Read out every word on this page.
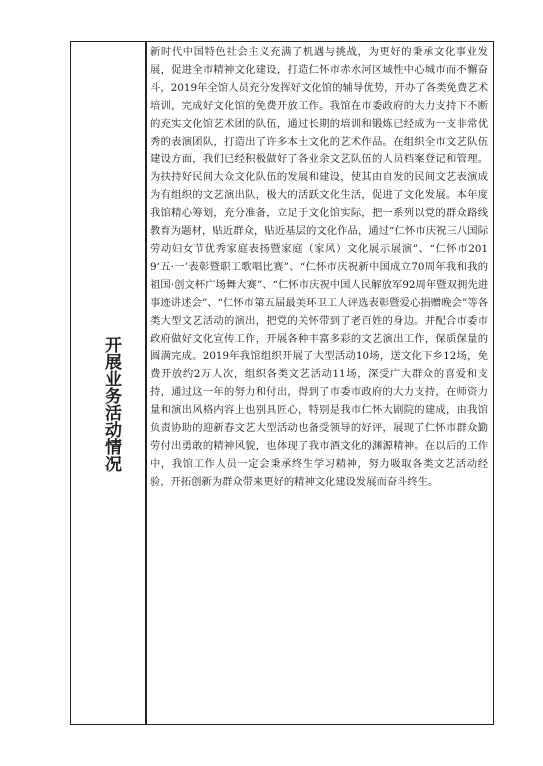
开展业务活动情况

新时代中国特色社会主义充满了机遇与挑战，为更好的秉承文化事业发展，促进全市精神文化建设，打造仁怀市赤水河区域性中心城市而不懈奋斗，2019年全馆人员充分发挥好文化馆的辅导优势，开办了各类免费艺术培训，完成好文化馆的免费开放工作。我馆在市委政府的大力支持下不断的充实文化馆艺术团的队伍，通过长期的培训和锻炼已经成为一支非常优秀的表演团队，打造出了许多本土文化的艺术作品。在组织全市文艺队伍建设方面，我们已经积极做好了各业余文艺队伍的人员档案登记和管理。为扶持好民间大众文化队伍的发展和建设，使其由自发的民间文艺表演成为有组织的文艺演出队，极大的活跃文化生活，促进了文化发展。本年度我馆精心筹划，充分准备，立足于文化馆实际，把一系列以党的群众路线教育为题材，贴近群众，贴近基层的文化作品，通过“仁怀市庆祝三八国际劳动妇女节优秀家庭表扬暨家庭（家风）文化展示展演”、“仁怀市2019‘五·一’表彰暨职工歌唱比赛”、“仁怀市庆祝新中国成立70周年我和我的祖国·创文杯广场舞大赛”、“仁怀市庆祝中国人民解放军92周年暨双拥先进事迹讲述会”、“仁怀市第五届最美环卫工人评选表彰暨爱心捐赠晚会”等各类大型文艺活动的演出，把党的关怀带到了老百姓的身边。并配合市委市政府做好文化宣传工作，开展各种丰富多彩的文艺演出工作，保质保量的圆满完成。2019年我馆组织开展了大型活动10场，送文化下乡12场，免费开放约2万人次，组织各类文艺活动11场，深受广大群众的喜爱和支持，通过这一年的努力和付出，得到了市委市政府的大力支持，在师资力量和演出风格内容上也别具匠心，特别是我市仁怀大剧院的建成，由我馆负责协助的迎新春文艺大型活动也备受领导的好评，展现了仁怀市群众勤劳付出勇敢的精神风貌，也体现了我市酒文化的渊源精神。在以后的工作中，我馆工作人员一定会秉承终生学习精神，努力吸取各类文艺活动经验，开拓创新为群众带来更好的精神文化建设发展而奋斗终生。
